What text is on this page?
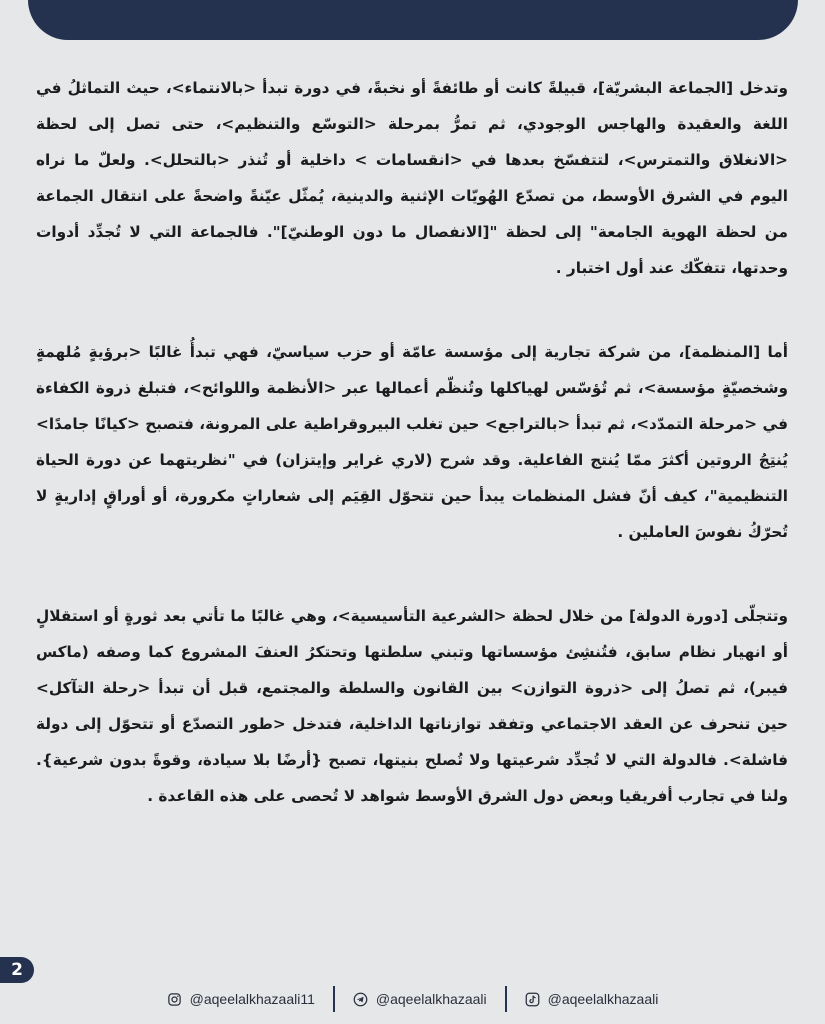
وتدخل [الجماعة البشريّة]، قبيلةً كانت أو طائفةً أو نخبةً، في دورة تبدأ <بالانتماء>، حيث التماثلُ في اللغة والعقيدة والهاجس الوجودي، ثم تمرُّ بمرحلة <التوسّع والتنظيم>، حتى تصل إلى لحظة <الانغلاق والتمترس>، لتتفسّخ بعدها في <انقسامات > داخلية أو تُنذر <بالتحلل>. ولعلّ ما نراه اليوم في الشرق الأوسط، من تصدّع الهُويّات الإثنية والدينية، يُمثّل عيّنةً واضحةً على انتقال الجماعة من لحظة الهوية الجامعة" إلى لحظة "[الانفصال ما دون الوطنيّ]". فالجماعة التي لا تُجدِّد أدوات وحدتها، تتفكّك عند أول اختبار .

أما [المنظمة]، من شركة تجارية إلى مؤسسة عامّة أو حزب سياسيّ، فهي تبدأُ غالبًا <برؤيةٍ مُلهمةٍ وشخصيّةٍ مؤسسة>، ثم تُؤسّس لهياكلها وتُنظّم أعمالها عبر <الأنظمة واللوائح>، فتبلغ ذروة الكفاءة في <مرحلة التمدّد>، ثم تبدأ <بالتراجع> حين تغلب البيروقراطية على المرونة، فتصبح <كيانًا جامدًا> يُنتِجُ الروتين أكثرَ ممّا يُنتج الفاعلية. وقد شرح (لاري غراير وإيتزان) في "نظريتهما عن دورة الحياة التنظيمية"، كيف أنّ فشل المنظمات يبدأ حين تتحوّل القِيَم إلى شعاراتٍ مكرورة، أو أوراقٍ إداريةٍ لا تُحرّكُ نفوسَ العاملين .

وتتجلّى [دورة الدولة] من خلال لحظة <الشرعية التأسيسية>، وهي غالبًا ما تأتي بعد ثورةٍ أو استقلالٍ أو انهيار نظام سابق، فتُنشِئ مؤسساتها وتبني سلطتها وتحتكرُ العنفَ المشروع كما وصفه (ماكس فيبر)، ثم تصلُ إلى <ذروة التوازن> بين القانون والسلطة والمجتمع، قبل أن تبدأ <رحلة التآكل> حين تنحرف عن العقد الاجتماعي وتفقد توازناتها الداخلية، فتدخل <طور التصدّع أو تتحوّل إلى دولة فاشلة>. فالدولة التي لا تُجدِّد شرعيتها ولا تُصلح بنيتها، تصبح {أرضًا بلا سيادة، وقوةً بدون شرعية}. ولنا في تجارب أفريقيا وبعض دول الشرق الأوسط شواهد لا تُحصى على هذه القاعدة .

2
@aqeelalkhazaali11	@aqeelalkhazaali	@aqeelalkhazaali
